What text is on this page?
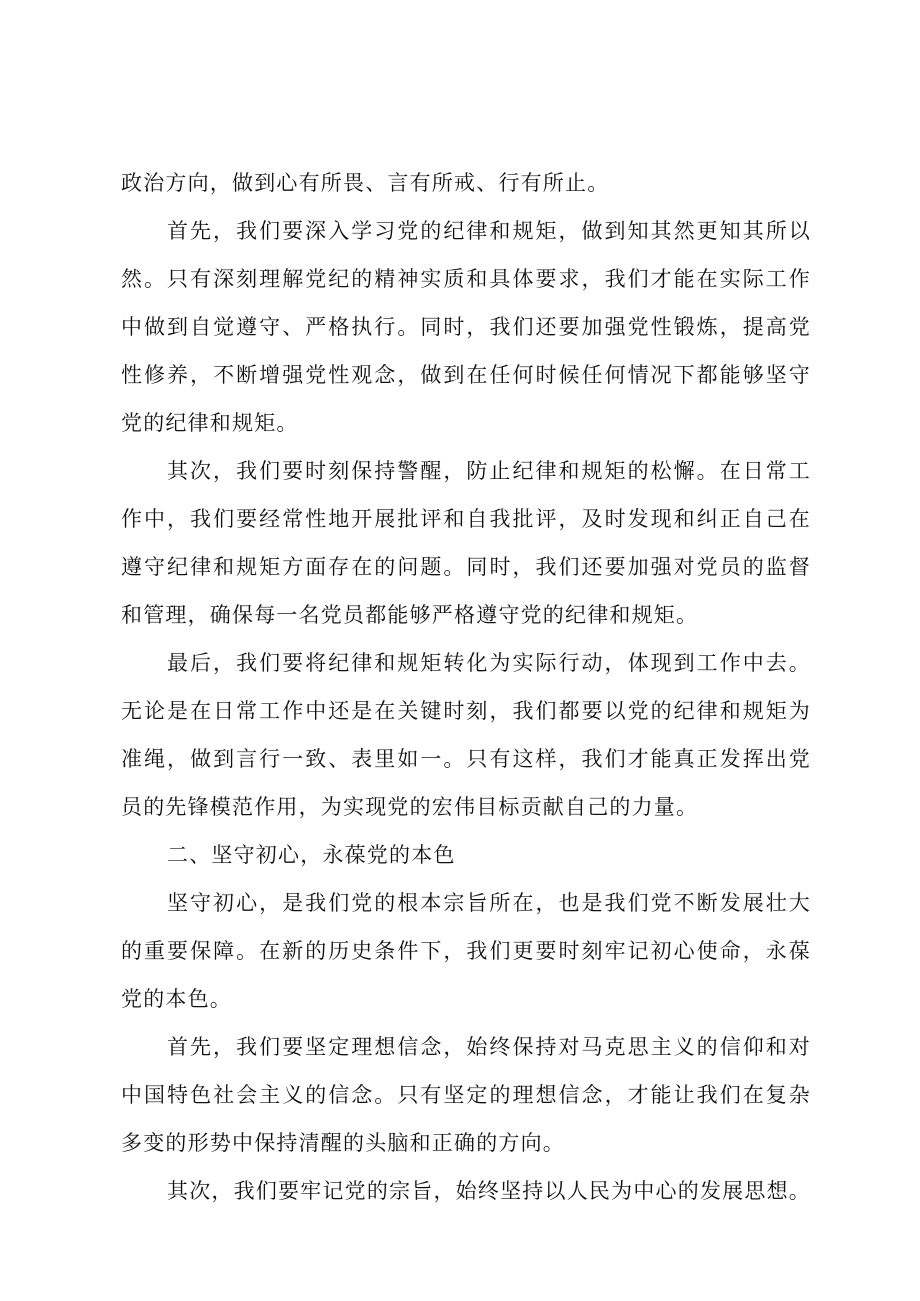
政治方向，做到心有所畏、言有所戒、行有所止。
首先，我们要深入学习党的纪律和规矩，做到知其然更知其所以
然。只有深刻理解党纪的精神实质和具体要求，我们才能在实际工作
中做到自觉遵守、严格执行。同时，我们还要加强党性锻炼，提高党
性修养，不断增强党性观念，做到在任何时候任何情况下都能够坚守
党的纪律和规矩。
其次，我们要时刻保持警醒，防止纪律和规矩的松懈。在日常工
作中，我们要经常性地开展批评和自我批评，及时发现和纠正自己在
遵守纪律和规矩方面存在的问题。同时，我们还要加强对党员的监督
和管理，确保每一名党员都能够严格遵守党的纪律和规矩。
最后，我们要将纪律和规矩转化为实际行动，体现到工作中去。
无论是在日常工作中还是在关键时刻，我们都要以党的纪律和规矩为
准绳，做到言行一致、表里如一。只有这样，我们才能真正发挥出党
员的先锋模范作用，为实现党的宏伟目标贡献自己的力量。
二、坚守初心，永葆党的本色
坚守初心，是我们党的根本宗旨所在，也是我们党不断发展壮大
的重要保障。在新的历史条件下，我们更要时刻牢记初心使命，永葆
党的本色。
首先，我们要坚定理想信念，始终保持对马克思主义的信仰和对
中国特色社会主义的信念。只有坚定的理想信念，才能让我们在复杂
多变的形势中保持清醒的头脑和正确的方向。
其次，我们要牢记党的宗旨，始终坚持以人民为中心的发展思想。
